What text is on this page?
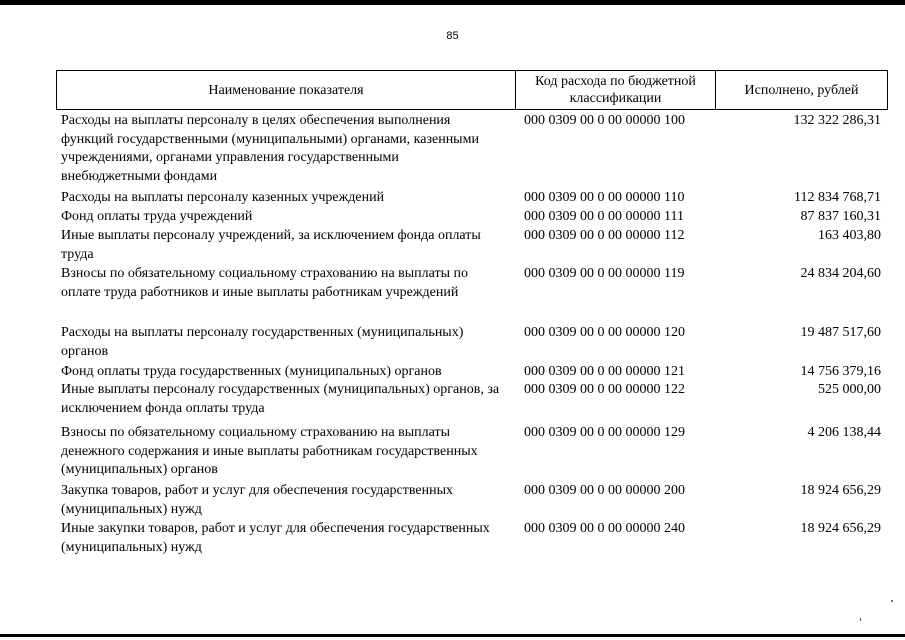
85
Наименование показателя
Код расхода по бюджетной классификации
Исполнено, рублей
Расходы на выплаты персоналу в целях обеспечения выполнения функций государственными (муниципальными) органами, казенными учреждениями, органами управления государственными внебюджетными фондами
000 0309 00 0 00 00000 100	132 322 286,31
Расходы на выплаты персоналу казенных учреждений	000 0309 00 0 00 00000 110	112 834 768,71
Фонд оплаты труда учреждений	000 0309 00 0 00 00000 111	87 837 160,31
Иные выплаты персоналу учреждений, за исключением фонда оплаты труда
000 0309 00 0 00 00000 112	163 403,80
Взносы по обязательному социальному страхованию на выплаты по оплате труда работников и иные выплаты работникам учреждений
000 0309 00 0 00 00000 119	24 834 204,60
Расходы на выплаты персоналу государственных (муниципальных) органов
000 0309 00 0 00 00000 120	19 487 517,60
Фонд оплаты труда государственных (муниципальных) органов	000 0309 00 0 00 00000 121	14 756 379,16
Иные выплаты персоналу государственных (муниципальных) органов, за исключением фонда оплаты труда
000 0309 00 0 00 00000 122	525 000,00
Взносы по обязательному социальному страхованию на выплаты денежного содержания и иные выплаты работникам государственных (муниципальных) органов
000 0309 00 0 00 00000 129	4 206 138,44
Закупка товаров, работ и услуг для обеспечения государственных (муниципальных) нужд
000 0309 00 0 00 00000 200	18 924 656,29
Иные закупки товаров, работ и услуг для обеспечения государственных (муниципальных) нужд
000 0309 00 0 00 00000 240	18 924 656,29
